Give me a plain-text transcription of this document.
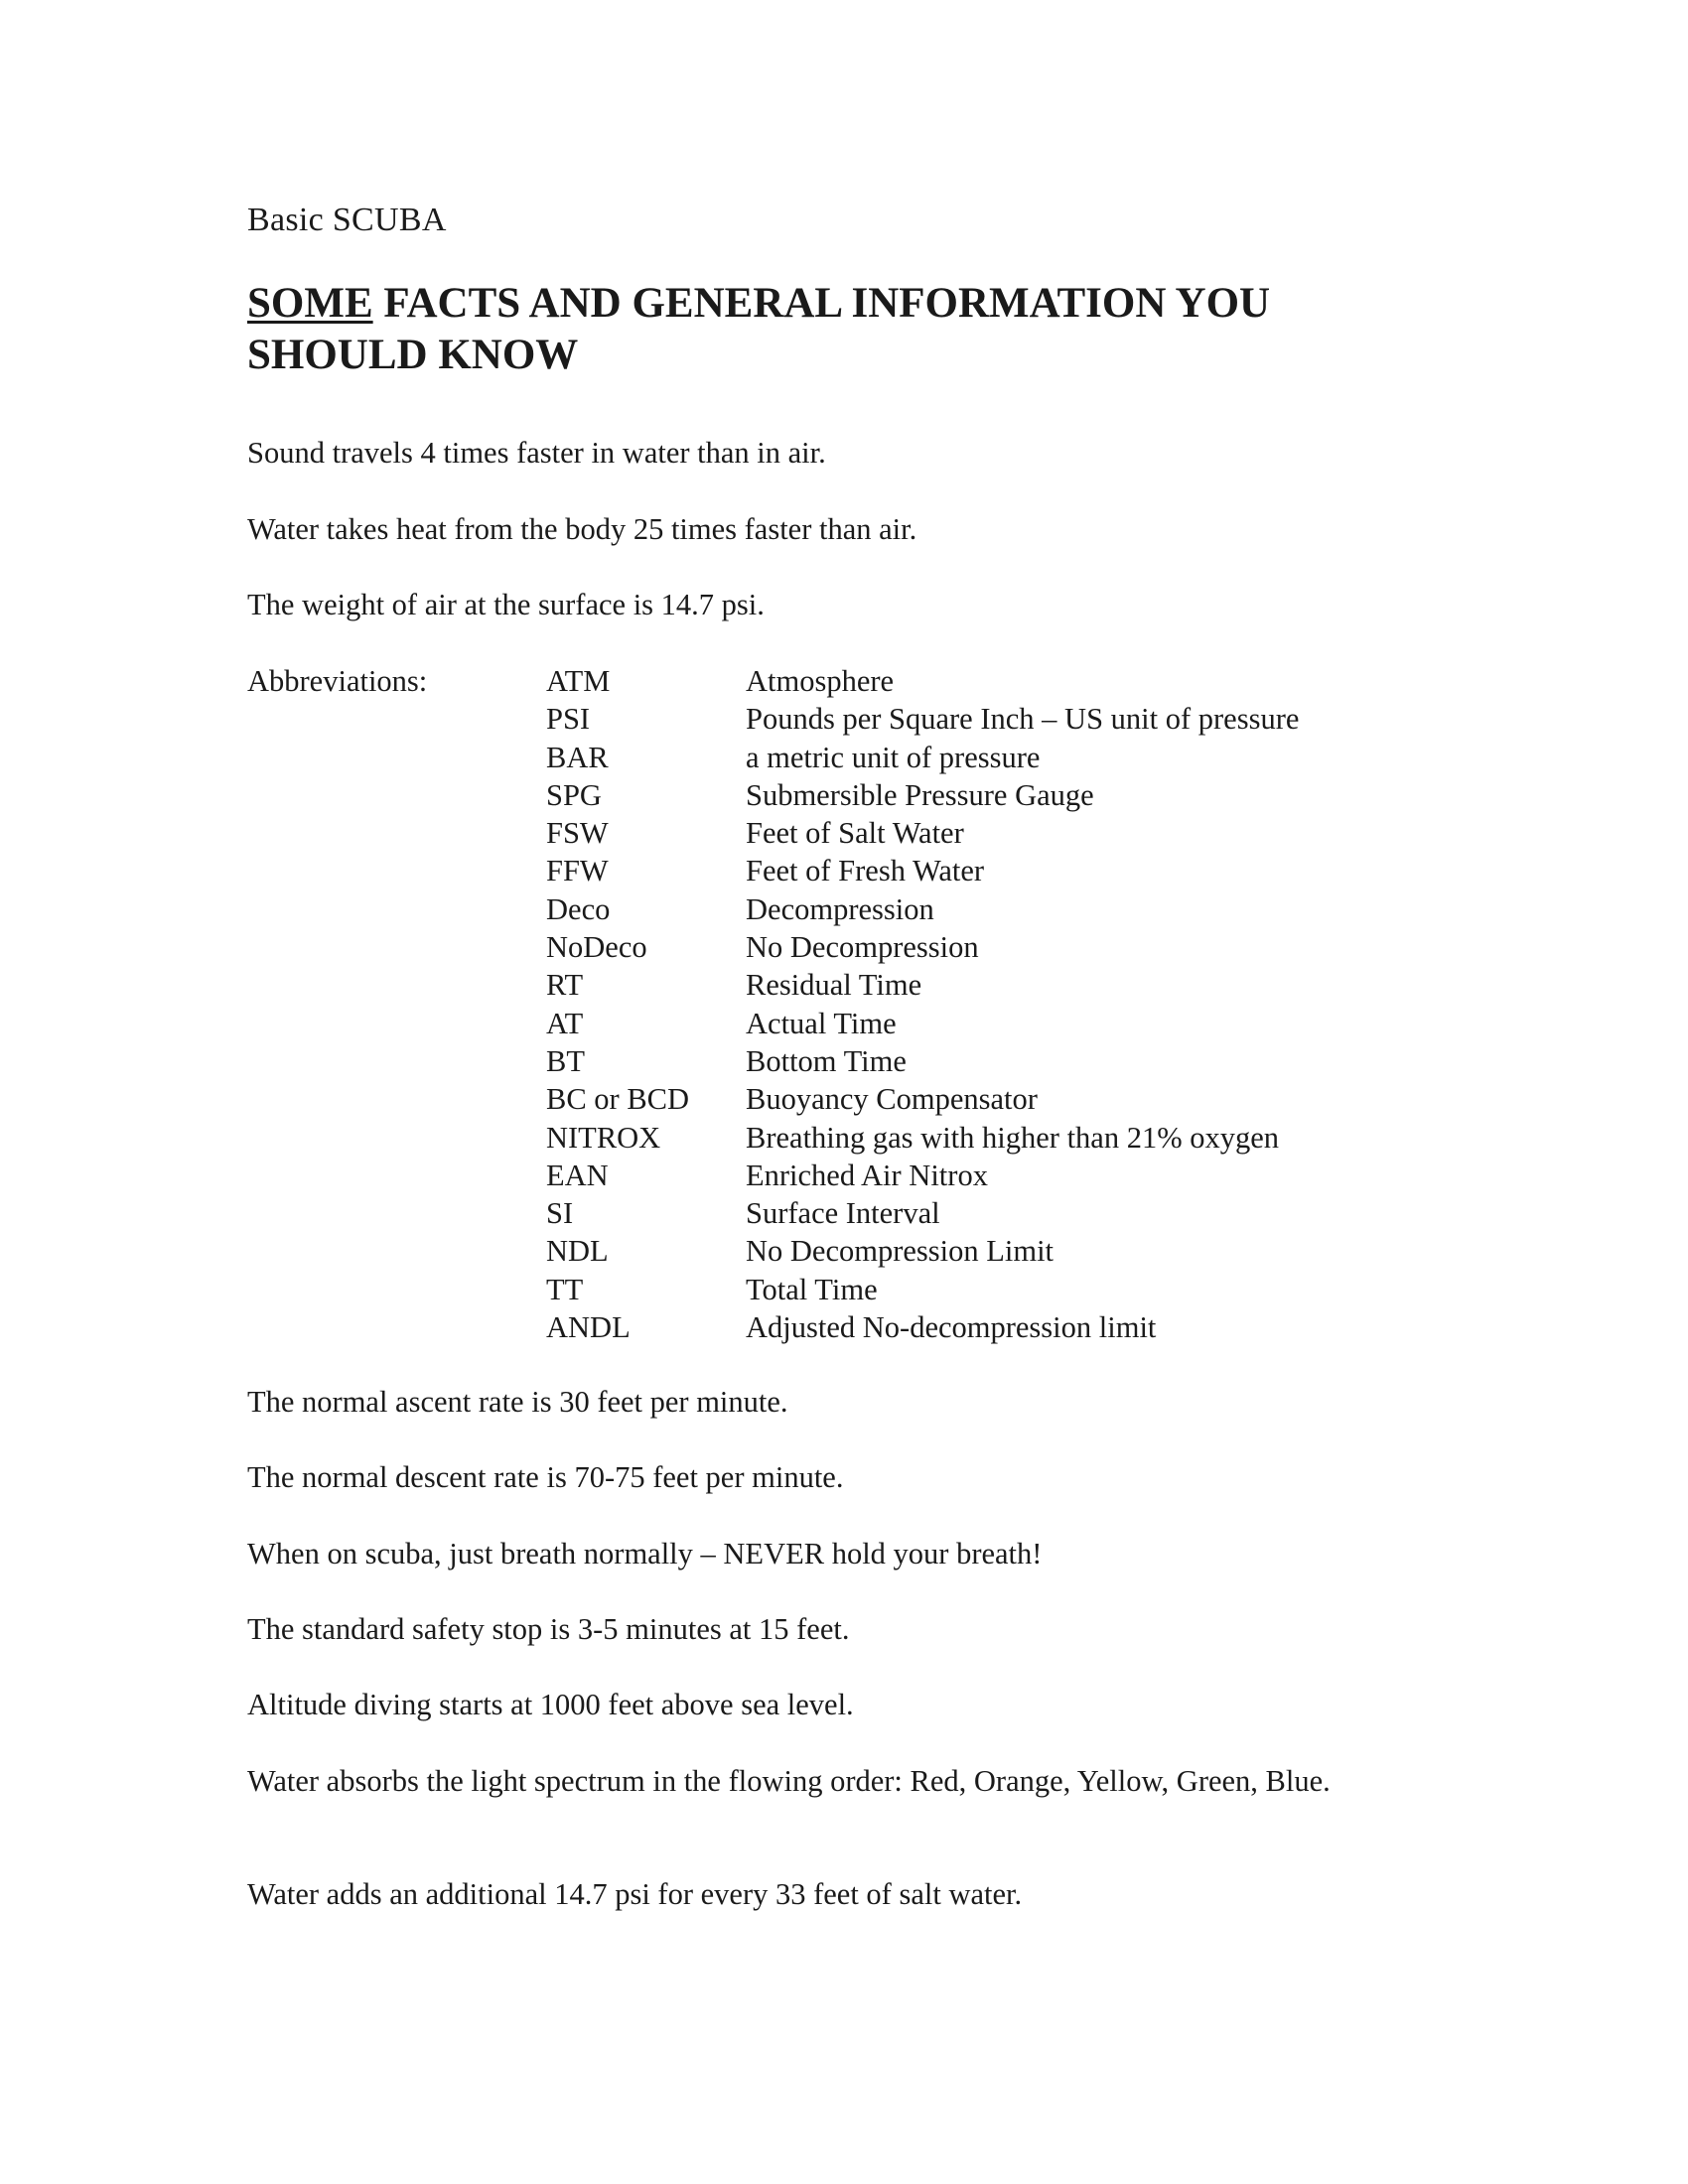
Basic SCUBA
SOME FACTS AND GENERAL INFORMATION YOU SHOULD KNOW

Sound travels 4 times faster in water than in air.

Water takes heat from the body 25 times faster than air.

The weight of air at the surface is 14.7 psi.

Abbreviations:	ATM	Atmosphere
PSI	Pounds per Square Inch – US unit of pressure
BAR	a metric unit of pressure
SPG	Submersible Pressure Gauge
FSW	Feet of Salt Water
FFW	Feet of Fresh Water
Deco	Decompression
NoDeco	No Decompression
RT	Residual Time
AT	Actual Time
BT	Bottom Time
BC or BCD	Buoyancy Compensator
NITROX	Breathing gas with higher than 21% oxygen
EAN	Enriched Air Nitrox
SI	Surface Interval
NDL	No Decompression Limit
TT	Total Time
ANDL	Adjusted No-decompression limit

The normal ascent rate is 30 feet per minute.

The normal descent rate is 70-75 feet per minute.

When on scuba, just breath normally – NEVER hold your breath!

The standard safety stop is 3-5 minutes at 15 feet.

Altitude diving starts at 1000 feet above sea level.

Water absorbs the light spectrum in the flowing order: Red, Orange, Yellow, Green, Blue.

Water adds an additional 14.7 psi for every 33 feet of salt water.
